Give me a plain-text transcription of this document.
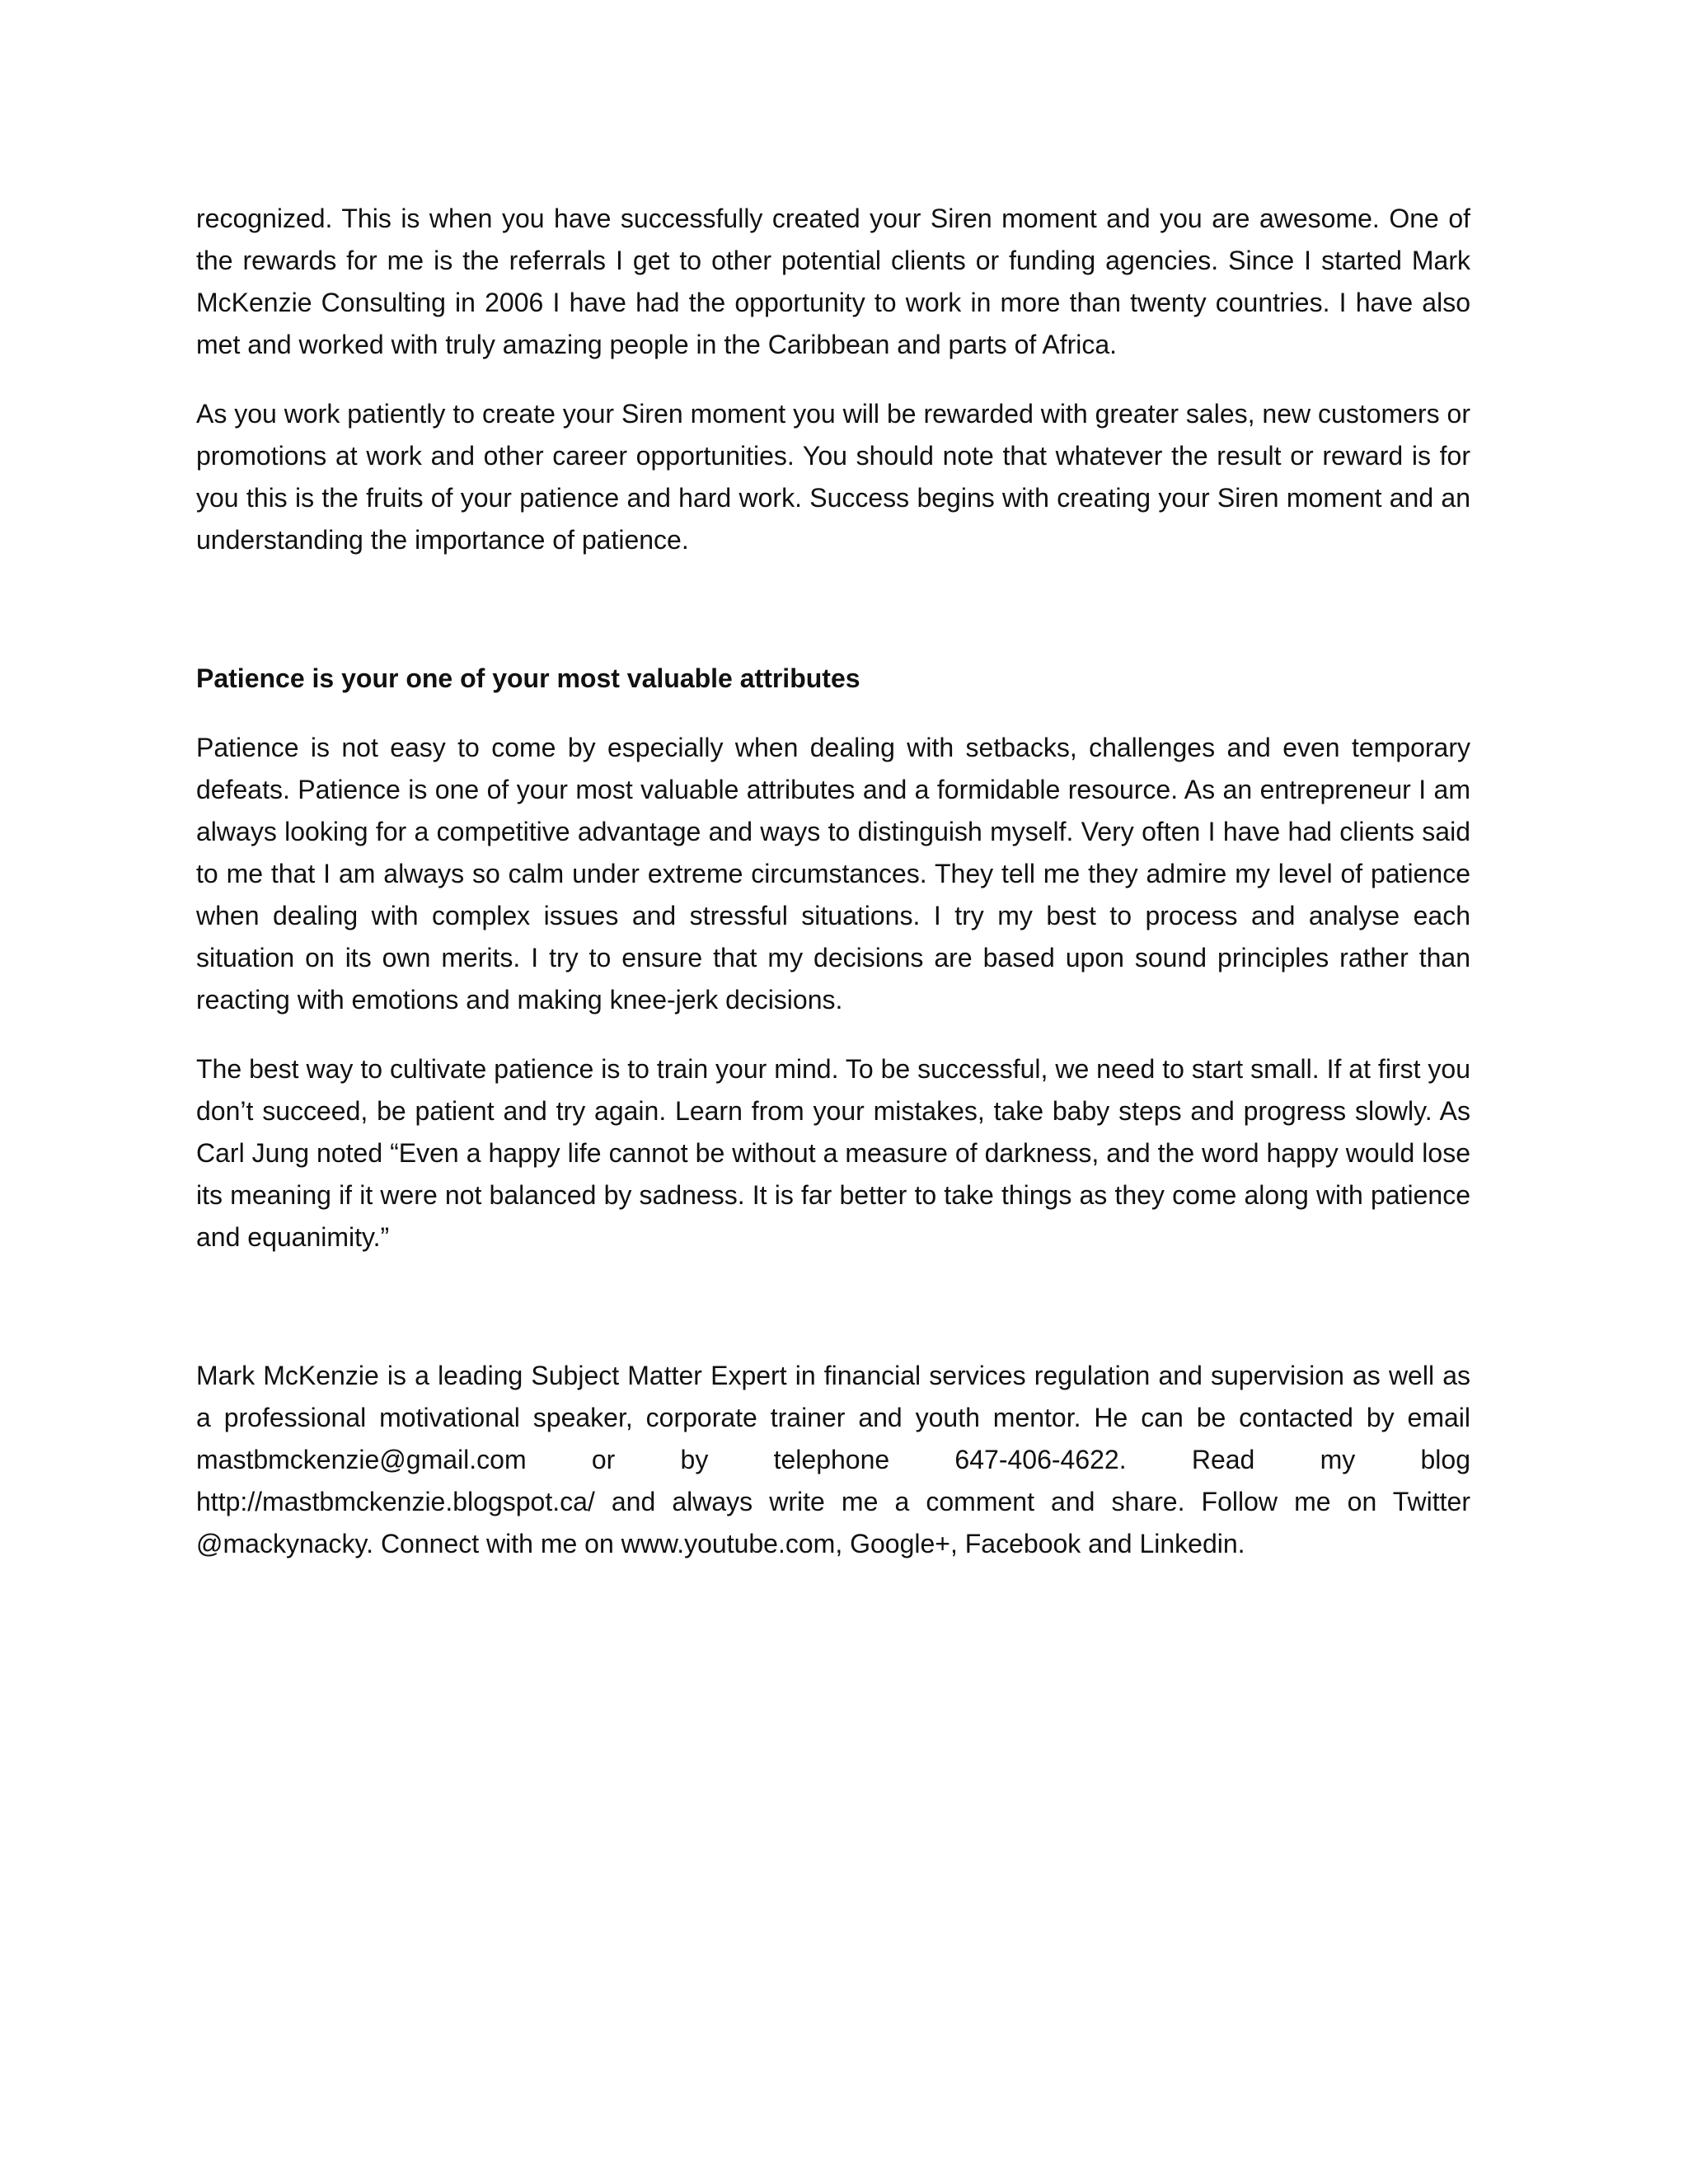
recognized. This is when you have successfully created your Siren moment and you are awesome. One of the rewards for me is the referrals I get to other potential clients or funding agencies. Since I started Mark McKenzie Consulting in 2006 I have had the opportunity to work in more than twenty countries. I have also met and worked with truly amazing people in the Caribbean and parts of Africa.

As you work patiently to create your Siren moment you will be rewarded with greater sales, new customers or promotions at work and other career opportunities. You should note that whatever the result or reward is for you this is the fruits of your patience and hard work. Success begins with creating your Siren moment and an understanding the importance of patience.

Patience is your one of your most valuable attributes

Patience is not easy to come by especially when dealing with setbacks, challenges and even temporary defeats. Patience is one of your most valuable attributes and a formidable resource. As an entrepreneur I am always looking for a competitive advantage and ways to distinguish myself. Very often I have had clients said to me that I am always so calm under extreme circumstances. They tell me they admire my level of patience when dealing with complex issues and stressful situations. I try my best to process and analyse each situation on its own merits. I try to ensure that my decisions are based upon sound principles rather than reacting with emotions and making knee-jerk decisions.

The best way to cultivate patience is to train your mind. To be successful, we need to start small. If at first you don’t succeed, be patient and try again. Learn from your mistakes, take baby steps and progress slowly. As Carl Jung noted “Even a happy life cannot be without a measure of darkness, and the word happy would lose its meaning if it were not balanced by sadness. It is far better to take things as they come along with patience and equanimity.”

Mark McKenzie is a leading Subject Matter Expert in financial services regulation and supervision as well as a professional motivational speaker, corporate trainer and youth mentor. He can be contacted by email mastbmckenzie@gmail.com or by telephone 647-406-4622. Read my blog http://mastbmckenzie.blogspot.ca/ and always write me a comment and share. Follow me on Twitter @mackynacky. Connect with me on www.youtube.com, Google+, Facebook and Linkedin.
